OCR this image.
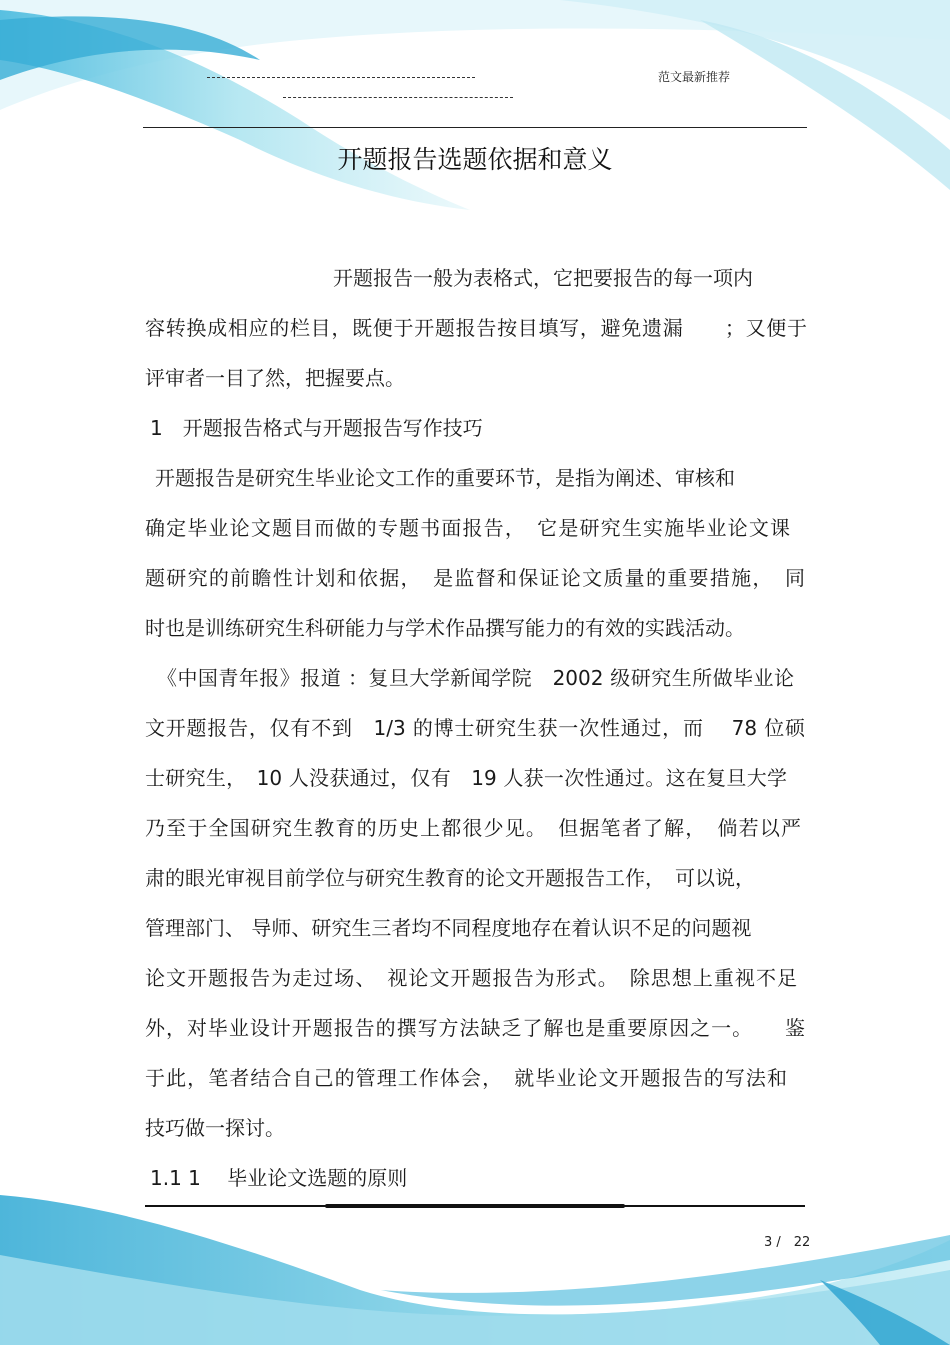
范文最新推荐
开题报告选题依据和意义
开题报告一般为表格式，它把要报告的每一项内
容转换成相应的栏目，既便于开题报告按目填写，避免遗漏　　；又便于
评审者一目了然，把握要点。
1　开题报告格式与开题报告写作技巧
开题报告是研究生毕业论文工作的重要环节，是指为阐述、审核和
确定毕业论文题目而做的专题书面报告，　它是研究生实施毕业论文课
题研究的前瞻性计划和依据，　是监督和保证论文质量的重要措施，　同
时也是训练研究生科研能力与学术作品撰写能力的有效的实践活动。
《中国青年报》报道 ：复旦大学新闻学院　2002 级研究生所做毕业论
文开题报告，仅有不到　1/3 的博士研究生获一次性通过，而　 78 位硕
士研究生，　10 人没获通过，仅有　19 人获一次性通过。这在复旦大学
乃至于全国研究生教育的历史上都很少见。　但据笔者了解，　倘若以严
肃的眼光审视目前学位与研究生教育的论文开题报告工作，　可以说，
管理部门、 导师、研究生三者均不同程度地存在着认识不足的问题视
论文开题报告为走过场、　视论文开题报告为形式。　除思想上重视不足
外，对毕业设计开题报告的撰写方法缺乏了解也是重要原因之一。　　鉴
于此，笔者结合自己的管理工作体会，　就毕业论文开题报告的写法和
技巧做一探讨。
1.1 1　 毕业论文选题的原则
3 /　22
